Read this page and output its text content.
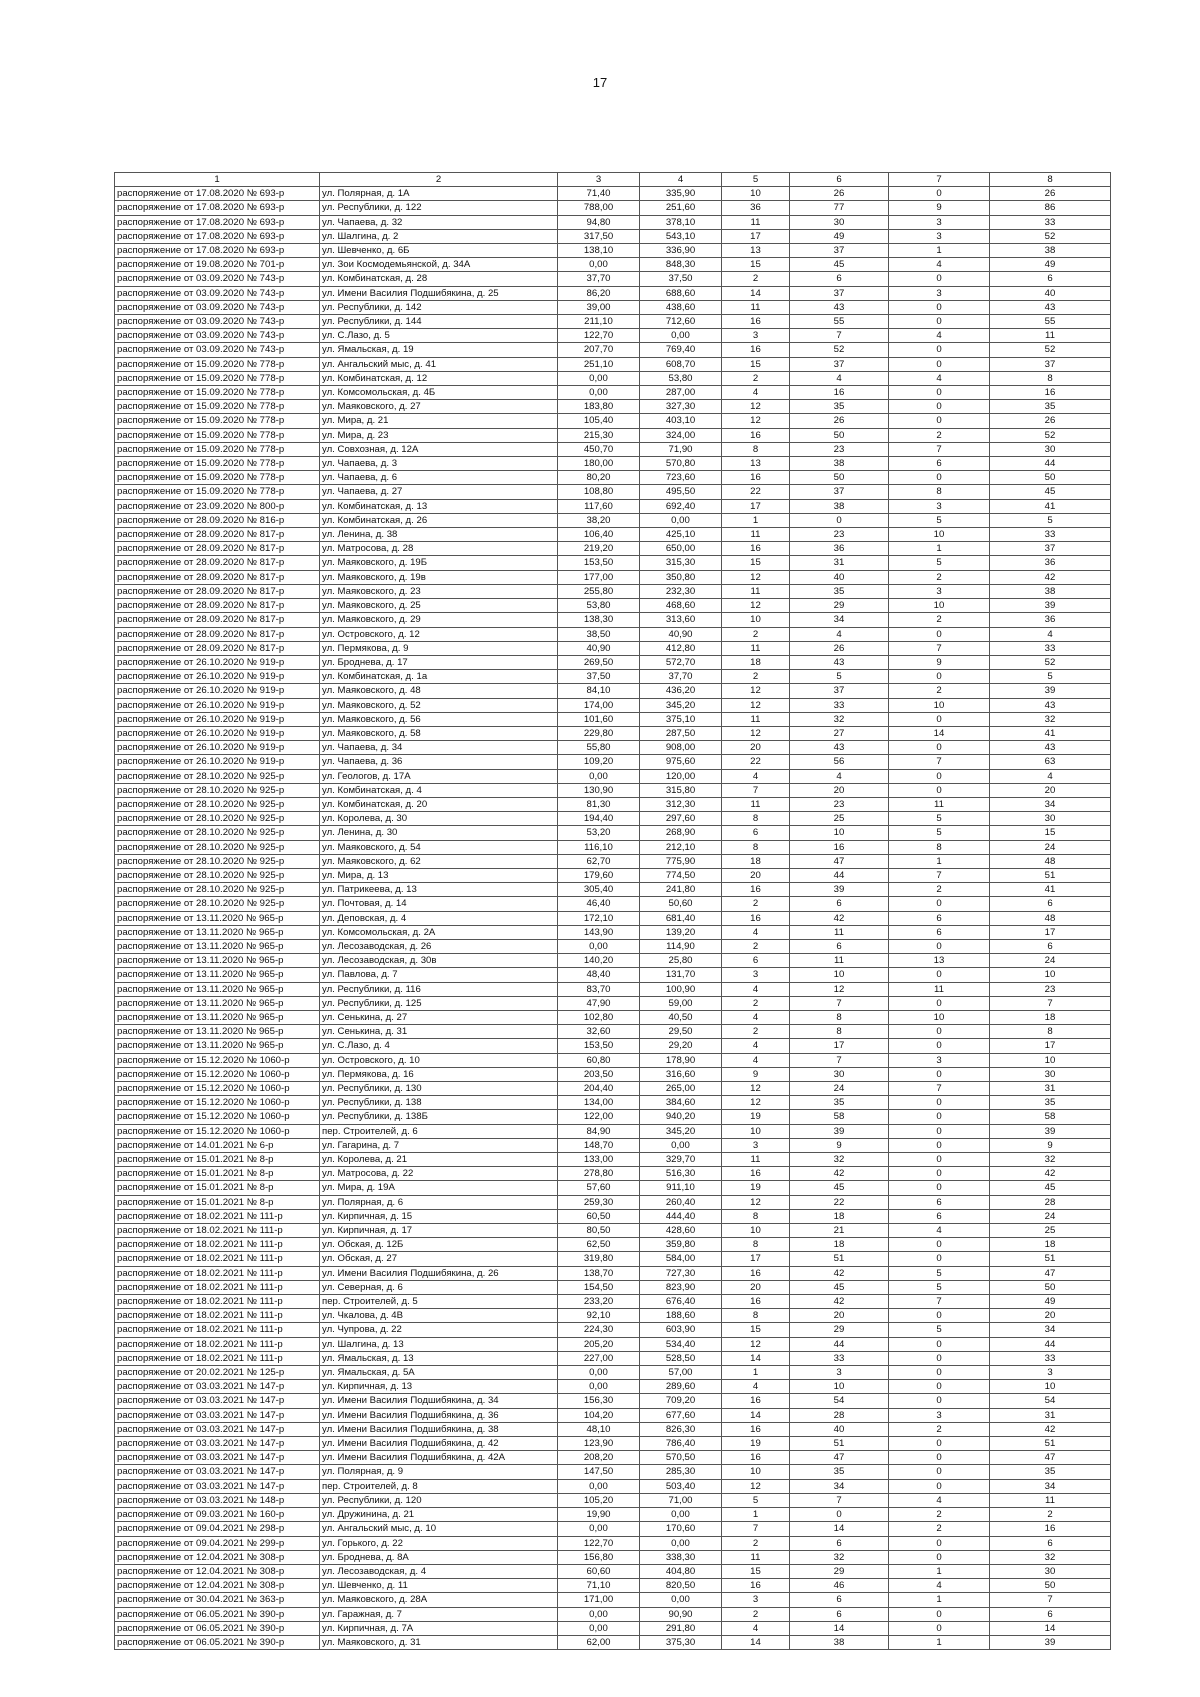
17
1	2	3	4	5	6	7	8
распоряжение от 17.08.2020 № 693-р	ул. Полярная, д. 1А	71,40	335,90	10	26	0	26
распоряжение от 17.08.2020 № 693-р	ул. Республики, д. 122	788,00	251,60	36	77	9	86
распоряжение от 17.08.2020 № 693-р	ул. Чапаева, д. 32	94,80	378,10	11	30	3	33
распоряжение от 17.08.2020 № 693-р	ул. Шалгина, д. 2	317,50	543,10	17	49	3	52
распоряжение от 17.08.2020 № 693-р	ул. Шевченко, д. 6Б	138,10	336,90	13	37	1	38
распоряжение от 19.08.2020 № 701-р	ул. Зои Космодемьянской, д. 34А	0,00	848,30	15	45	4	49
распоряжение от 03.09.2020 № 743-р	ул. Комбинатская, д. 28	37,70	37,50	2	6	0	6
распоряжение от 03.09.2020 № 743-р	ул. Имени Василия Подшибякина, д. 25	86,20	688,60	14	37	3	40
распоряжение от 03.09.2020 № 743-р	ул. Республики, д. 142	39,00	438,60	11	43	0	43
распоряжение от 03.09.2020 № 743-р	ул. Республики, д. 144	211,10	712,60	16	55	0	55
распоряжение от 03.09.2020 № 743-р	ул. С.Лазо, д. 5	122,70	0,00	3	7	4	11
распоряжение от 03.09.2020 № 743-р	ул. Ямальская, д. 19	207,70	769,40	16	52	0	52
распоряжение от 15.09.2020 № 778-р	ул. Ангальский мыс, д. 41	251,10	608,70	15	37	0	37
распоряжение от 15.09.2020 № 778-р	ул. Комбинатская, д. 12	0,00	53,80	2	4	4	8
распоряжение от 15.09.2020 № 778-р	ул. Комсомольская, д. 4Б	0,00	287,00	4	16	0	16
распоряжение от 15.09.2020 № 778-р	ул. Маяковского, д. 27	183,80	327,30	12	35	0	35
распоряжение от 15.09.2020 № 778-р	ул. Мира, д. 21	105,40	403,10	12	26	0	26
распоряжение от 15.09.2020 № 778-р	ул. Мира, д. 23	215,30	324,00	16	50	2	52
распоряжение от 15.09.2020 № 778-р	ул. Совхозная, д. 12А	450,70	71,90	8	23	7	30
распоряжение от 15.09.2020 № 778-р	ул. Чапаева, д. 3	180,00	570,80	13	38	6	44
распоряжение от 15.09.2020 № 778-р	ул. Чапаева, д. 6	80,20	723,60	16	50	0	50
распоряжение от 15.09.2020 № 778-р	ул. Чапаева, д. 27	108,80	495,50	22	37	8	45
распоряжение от 23.09.2020 № 800-р	ул. Комбинатская, д. 13	117,60	692,40	17	38	3	41
распоряжение от 28.09.2020 № 816-р	ул. Комбинатская, д. 26	38,20	0,00	1	0	5	5
распоряжение от 28.09.2020 № 817-р	ул. Ленина, д. 38	106,40	425,10	11	23	10	33
распоряжение от 28.09.2020 № 817-р	ул. Матросова, д. 28	219,20	650,00	16	36	1	37
распоряжение от 28.09.2020 № 817-р	ул. Маяковского, д. 19Б	153,50	315,30	15	31	5	36
распоряжение от 28.09.2020 № 817-р	ул. Маяковского, д. 19в	177,00	350,80	12	40	2	42
распоряжение от 28.09.2020 № 817-р	ул. Маяковского, д. 23	255,80	232,30	11	35	3	38
распоряжение от 28.09.2020 № 817-р	ул. Маяковского, д. 25	53,80	468,60	12	29	10	39
распоряжение от 28.09.2020 № 817-р	ул. Маяковского, д. 29	138,30	313,60	10	34	2	36
распоряжение от 28.09.2020 № 817-р	ул. Островского, д. 12	38,50	40,90	2	4	0	4
распоряжение от 28.09.2020 № 817-р	ул. Пермякова, д. 9	40,90	412,80	11	26	7	33
распоряжение от 26.10.2020 № 919-р	ул. Броднева, д. 17	269,50	572,70	18	43	9	52
распоряжение от 26.10.2020 № 919-р	ул. Комбинатская, д. 1а	37,50	37,70	2	5	0	5
распоряжение от 26.10.2020 № 919-р	ул. Маяковского, д. 48	84,10	436,20	12	37	2	39
распоряжение от 26.10.2020 № 919-р	ул. Маяковского, д. 52	174,00	345,20	12	33	10	43
распоряжение от 26.10.2020 № 919-р	ул. Маяковского, д. 56	101,60	375,10	11	32	0	32
распоряжение от 26.10.2020 № 919-р	ул. Маяковского, д. 58	229,80	287,50	12	27	14	41
распоряжение от 26.10.2020 № 919-р	ул. Чапаева, д. 34	55,80	908,00	20	43	0	43
распоряжение от 26.10.2020 № 919-р	ул. Чапаева, д. 36	109,20	975,60	22	56	7	63
распоряжение от 28.10.2020 № 925-р	ул. Геологов, д. 17А	0,00	120,00	4	4	0	4
распоряжение от 28.10.2020 № 925-р	ул. Комбинатская, д. 4	130,90	315,80	7	20	0	20
распоряжение от 28.10.2020 № 925-р	ул. Комбинатская, д. 20	81,30	312,30	11	23	11	34
распоряжение от 28.10.2020 № 925-р	ул. Королева, д. 30	194,40	297,60	8	25	5	30
распоряжение от 28.10.2020 № 925-р	ул. Ленина, д. 30	53,20	268,90	6	10	5	15
распоряжение от 28.10.2020 № 925-р	ул. Маяковского, д. 54	116,10	212,10	8	16	8	24
распоряжение от 28.10.2020 № 925-р	ул. Маяковского, д. 62	62,70	775,90	18	47	1	48
распоряжение от 28.10.2020 № 925-р	ул. Мира, д. 13	179,60	774,50	20	44	7	51
распоряжение от 28.10.2020 № 925-р	ул. Патрикеева, д. 13	305,40	241,80	16	39	2	41
распоряжение от 28.10.2020 № 925-р	ул. Почтовая, д. 14	46,40	50,60	2	6	0	6
распоряжение от 13.11.2020 № 965-р	ул. Деповская, д. 4	172,10	681,40	16	42	6	48
распоряжение от 13.11.2020 № 965-р	ул. Комсомольская, д. 2А	143,90	139,20	4	11	6	17
распоряжение от 13.11.2020 № 965-р	ул. Лесозаводская, д. 26	0,00	114,90	2	6	0	6
распоряжение от 13.11.2020 № 965-р	ул. Лесозаводская, д. 30в	140,20	25,80	6	11	13	24
распоряжение от 13.11.2020 № 965-р	ул. Павлова, д. 7	48,40	131,70	3	10	0	10
распоряжение от 13.11.2020 № 965-р	ул. Республики, д. 116	83,70	100,90	4	12	11	23
распоряжение от 13.11.2020 № 965-р	ул. Республики, д. 125	47,90	59,00	2	7	0	7
распоряжение от 13.11.2020 № 965-р	ул. Сенькина, д. 27	102,80	40,50	4	8	10	18
распоряжение от 13.11.2020 № 965-р	ул. Сенькина, д. 31	32,60	29,50	2	8	0	8
распоряжение от 13.11.2020 № 965-р	ул. С.Лазо, д. 4	153,50	29,20	4	17	0	17
распоряжение от 15.12.2020 № 1060-р	ул. Островского, д. 10	60,80	178,90	4	7	3	10
распоряжение от 15.12.2020 № 1060-р	ул. Пермякова, д. 16	203,50	316,60	9	30	0	30
распоряжение от 15.12.2020 № 1060-р	ул. Республики, д. 130	204,40	265,00	12	24	7	31
распоряжение от 15.12.2020 № 1060-р	ул. Республики, д. 138	134,00	384,60	12	35	0	35
распоряжение от 15.12.2020 № 1060-р	ул. Республики, д. 138Б	122,00	940,20	19	58	0	58
распоряжение от 15.12.2020 № 1060-р	пер. Строителей, д. 6	84,90	345,20	10	39	0	39
распоряжение от 14.01.2021 № 6-р	ул. Гагарина, д. 7	148,70	0,00	3	9	0	9
распоряжение от 15.01.2021 № 8-р	ул. Королева, д. 21	133,00	329,70	11	32	0	32
распоряжение от 15.01.2021 № 8-р	ул. Матросова, д. 22	278,80	516,30	16	42	0	42
распоряжение от 15.01.2021 № 8-р	ул. Мира, д. 19А	57,60	911,10	19	45	0	45
распоряжение от 15.01.2021 № 8-р	ул. Полярная, д. 6	259,30	260,40	12	22	6	28
распоряжение от 18.02.2021 № 111-р	ул. Кирпичная, д. 15	60,50	444,40	8	18	6	24
распоряжение от 18.02.2021 № 111-р	ул. Кирпичная, д. 17	80,50	428,60	10	21	4	25
распоряжение от 18.02.2021 № 111-р	ул. Обская, д. 12Б	62,50	359,80	8	18	0	18
распоряжение от 18.02.2021 № 111-р	ул. Обская, д. 27	319,80	584,00	17	51	0	51
распоряжение от 18.02.2021 № 111-р	ул. Имени Василия Подшибякина, д. 26	138,70	727,30	16	42	5	47
распоряжение от 18.02.2021 № 111-р	ул. Северная, д. 6	154,50	823,90	20	45	5	50
распоряжение от 18.02.2021 № 111-р	пер. Строителей, д. 5	233,20	676,40	16	42	7	49
распоряжение от 18.02.2021 № 111-р	ул. Чкалова, д. 4В	92,10	188,60	8	20	0	20
распоряжение от 18.02.2021 № 111-р	ул. Чупрова, д. 22	224,30	603,90	15	29	5	34
распоряжение от 18.02.2021 № 111-р	ул. Шалгина, д. 13	205,20	534,40	12	44	0	44
распоряжение от 18.02.2021 № 111-р	ул. Ямальская, д. 13	227,00	528,50	14	33	0	33
распоряжение от 20.02.2021 № 125-р	ул. Ямальская, д. 5А	0,00	57,00	1	3	0	3
распоряжение от 03.03.2021 № 147-р	ул. Кирпичная, д. 13	0,00	289,60	4	10	0	10
распоряжение от 03.03.2021 № 147-р	ул. Имени Василия Подшибякина, д. 34	156,30	709,20	16	54	0	54
распоряжение от 03.03.2021 № 147-р	ул. Имени Василия Подшибякина, д. 36	104,20	677,60	14	28	3	31
распоряжение от 03.03.2021 № 147-р	ул. Имени Василия Подшибякина, д. 38	48,10	826,30	16	40	2	42
распоряжение от 03.03.2021 № 147-р	ул. Имени Василия Подшибякина, д. 42	123,90	786,40	19	51	0	51
распоряжение от 03.03.2021 № 147-р	ул. Имени Василия Подшибякина, д. 42А	208,20	570,50	16	47	0	47
распоряжение от 03.03.2021 № 147-р	ул. Полярная, д. 9	147,50	285,30	10	35	0	35
распоряжение от 03.03.2021 № 147-р	пер. Строителей, д. 8	0,00	503,40	12	34	0	34
распоряжение от 03.03.2021 № 148-р	ул. Республики, д. 120	105,20	71,00	5	7	4	11
распоряжение от 09.03.2021 № 160-р	ул. Дружинина, д. 21	19,90	0,00	1	0	2	2
распоряжение от 09.04.2021 № 298-р	ул. Ангальский мыс, д. 10	0,00	170,60	7	14	2	16
распоряжение от 09.04.2021 № 299-р	ул. Горького, д. 22	122,70	0,00	2	6	0	6
распоряжение от 12.04.2021 № 308-р	ул. Броднева, д. 8А	156,80	338,30	11	32	0	32
распоряжение от 12.04.2021 № 308-р	ул. Лесозаводская, д. 4	60,60	404,80	15	29	1	30
распоряжение от 12.04.2021 № 308-р	ул. Шевченко, д. 11	71,10	820,50	16	46	4	50
распоряжение от 30.04.2021 № 363-р	ул. Маяковского, д. 28А	171,00	0,00	3	6	1	7
распоряжение от 06.05.2021 № 390-р	ул. Гаражная, д. 7	0,00	90,90	2	6	0	6
распоряжение от 06.05.2021 № 390-р	ул. Кирпичная, д. 7А	0,00	291,80	4	14	0	14
распоряжение от 06.05.2021 № 390-р	ул. Маяковского, д. 31	62,00	375,30	14	38	1	39
